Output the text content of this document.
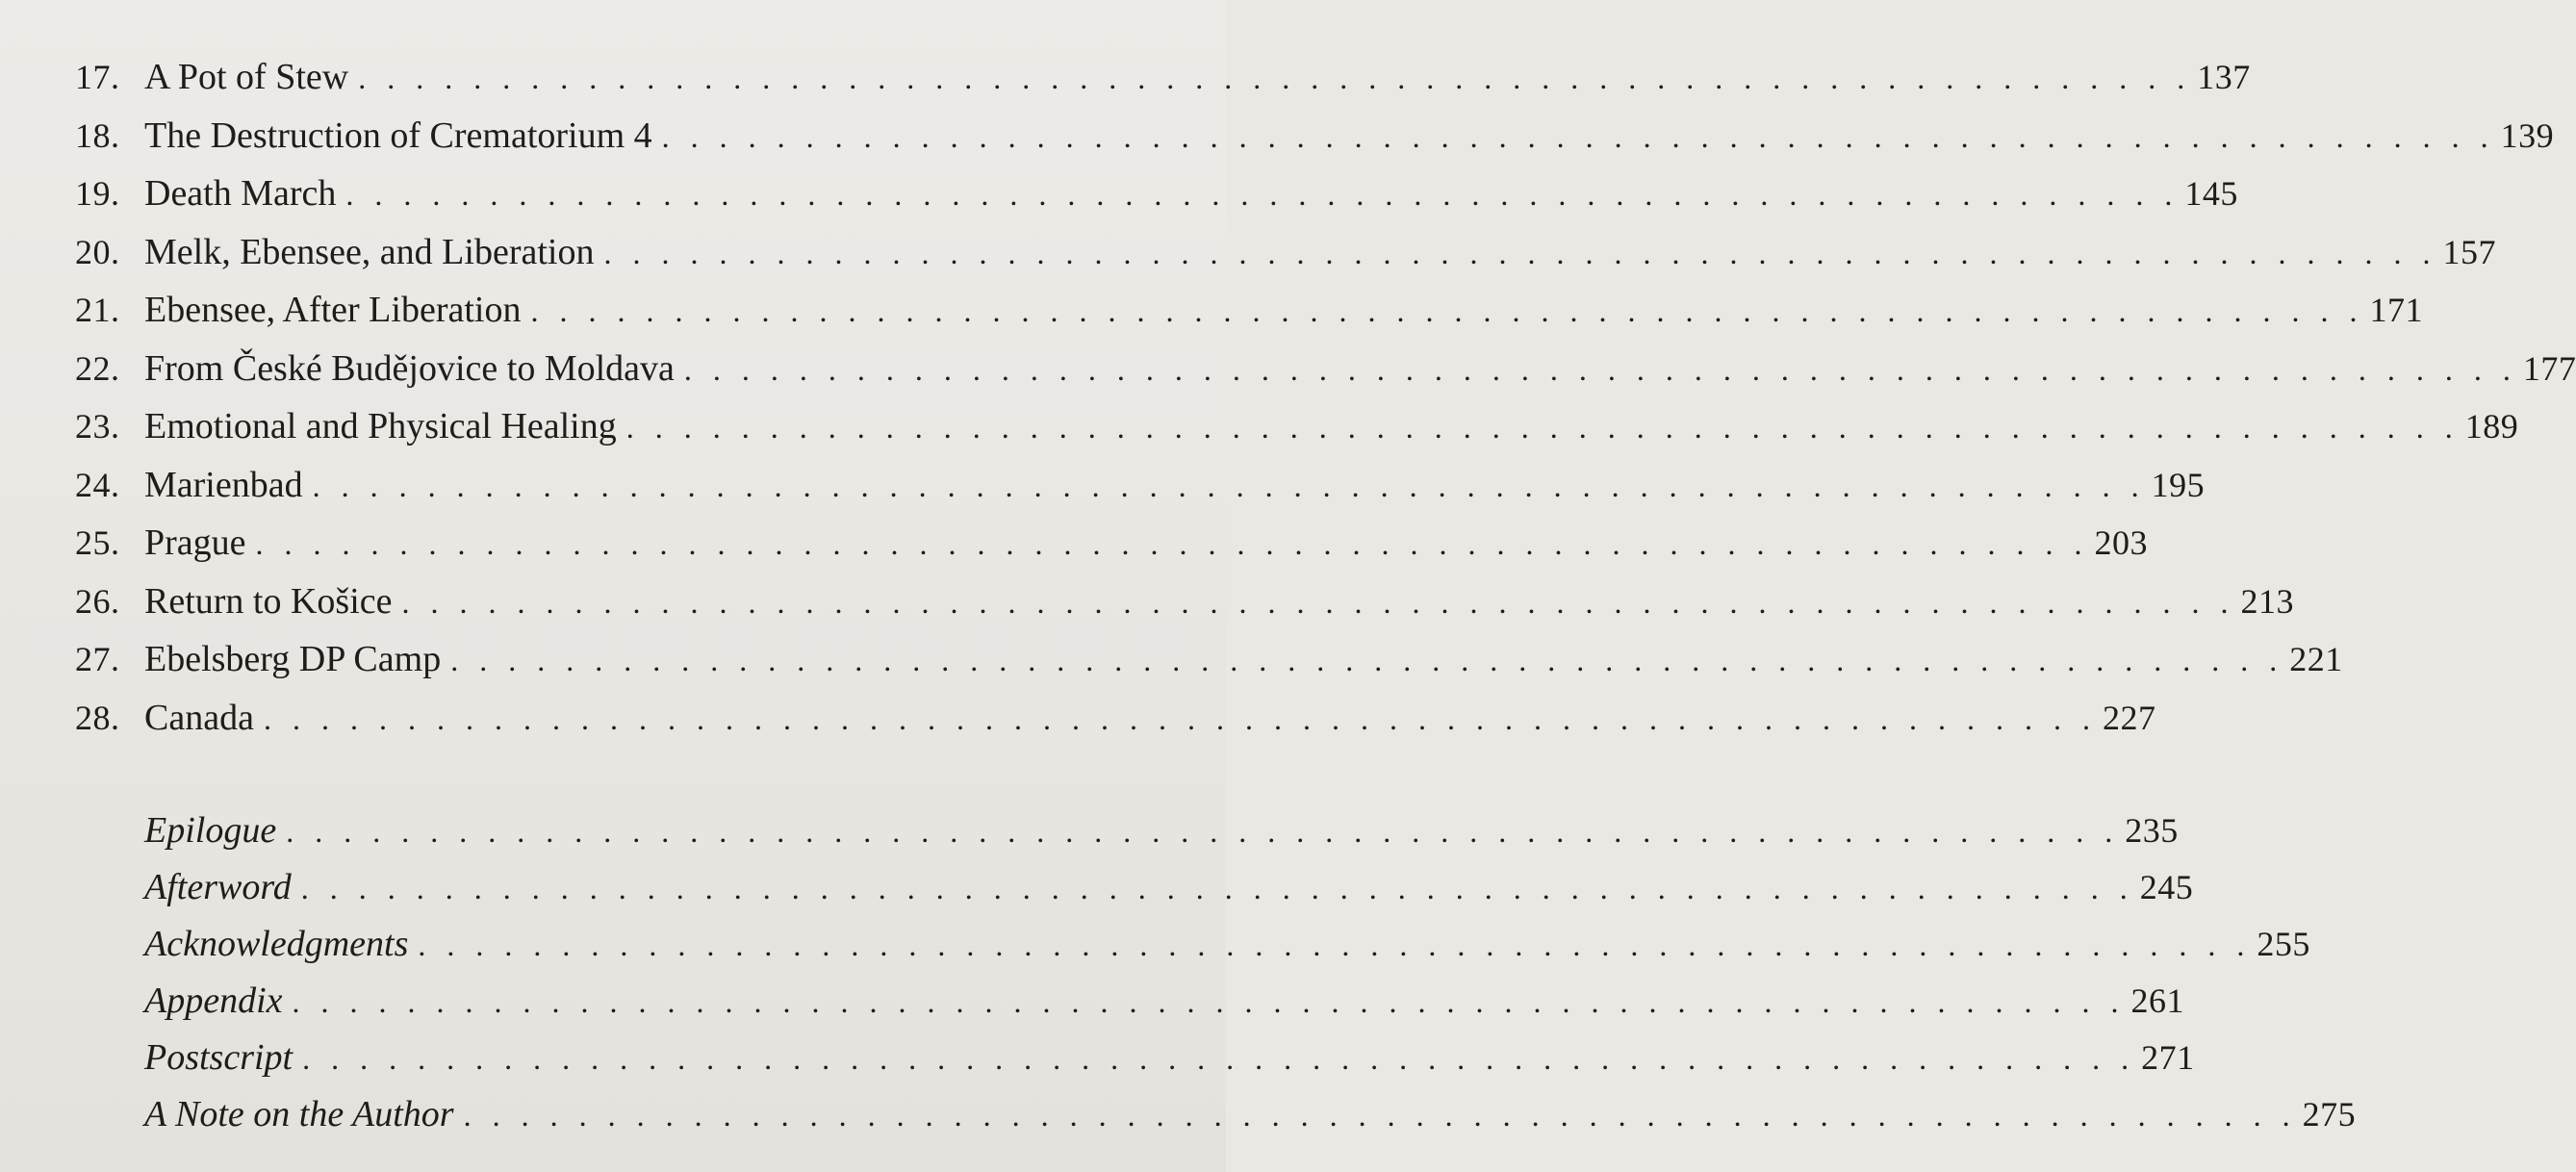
17. A Pot of Stew . . . . . . . . . . . . . . . . . . . . . . . . . . . . . . . . . . . . . . . . . . . . . . . . . . . . . . . . . . . . . . . . 137
18. The Destruction of Crematorium 4 . . . . . . . . . . . . . . . . . . . . . . . . . . . . . . . . . . . . . . . . . . . . . . . . . . . . . . . . . . . . . . . . 139
19. Death March . . . . . . . . . . . . . . . . . . . . . . . . . . . . . . . . . . . . . . . . . . . . . . . . . . . . . . . . . . . . . . . . 145
20. Melk, Ebensee, and Liberation . . . . . . . . . . . . . . . . . . . . . . . . . . . . . . . . . . . . . . . . . . . . . . . . . . . . . . . . . . . . . . . . 157
21. Ebensee, After Liberation . . . . . . . . . . . . . . . . . . . . . . . . . . . . . . . . . . . . . . . . . . . . . . . . . . . . . . . . . . . . . . . . 171
22. From České Budějovice to Moldava . . . . . . . . . . . . . . . . . . . . . . . . . . . . . . . . . . . . . . . . . . . . . . . . . . . . . . . . . . . . . . . . 177
23. Emotional and Physical Healing . . . . . . . . . . . . . . . . . . . . . . . . . . . . . . . . . . . . . . . . . . . . . . . . . . . . . . . . . . . . . . . . 189
24. Marienbad . . . . . . . . . . . . . . . . . . . . . . . . . . . . . . . . . . . . . . . . . . . . . . . . . . . . . . . . . . . . . . . . 195
25. Prague . . . . . . . . . . . . . . . . . . . . . . . . . . . . . . . . . . . . . . . . . . . . . . . . . . . . . . . . . . . . . . . . 203
26. Return to Košice . . . . . . . . . . . . . . . . . . . . . . . . . . . . . . . . . . . . . . . . . . . . . . . . . . . . . . . . . . . . . . . . 213
27. Ebelsberg DP Camp . . . . . . . . . . . . . . . . . . . . . . . . . . . . . . . . . . . . . . . . . . . . . . . . . . . . . . . . . . . . . . . . 221
28. Canada . . . . . . . . . . . . . . . . . . . . . . . . . . . . . . . . . . . . . . . . . . . . . . . . . . . . . . . . . . . . . . . . 227
Epilogue . . . . . . . . . . . . . . . . . . . . . . . . . . . . . . . . . . . . . . . . . . . . . . . . . . . . . . . . . . . . . . . . 235
Afterword . . . . . . . . . . . . . . . . . . . . . . . . . . . . . . . . . . . . . . . . . . . . . . . . . . . . . . . . . . . . . . . . 245
Acknowledgments . . . . . . . . . . . . . . . . . . . . . . . . . . . . . . . . . . . . . . . . . . . . . . . . . . . . . . . . . . . . . . . . 255
Appendix . . . . . . . . . . . . . . . . . . . . . . . . . . . . . . . . . . . . . . . . . . . . . . . . . . . . . . . . . . . . . . . . 261
Postscript . . . . . . . . . . . . . . . . . . . . . . . . . . . . . . . . . . . . . . . . . . . . . . . . . . . . . . . . . . . . . . . . 271
A Note on the Author . . . . . . . . . . . . . . . . . . . . . . . . . . . . . . . . . . . . . . . . . . . . . . . . . . . . . . . . . . . . . . . . 275
